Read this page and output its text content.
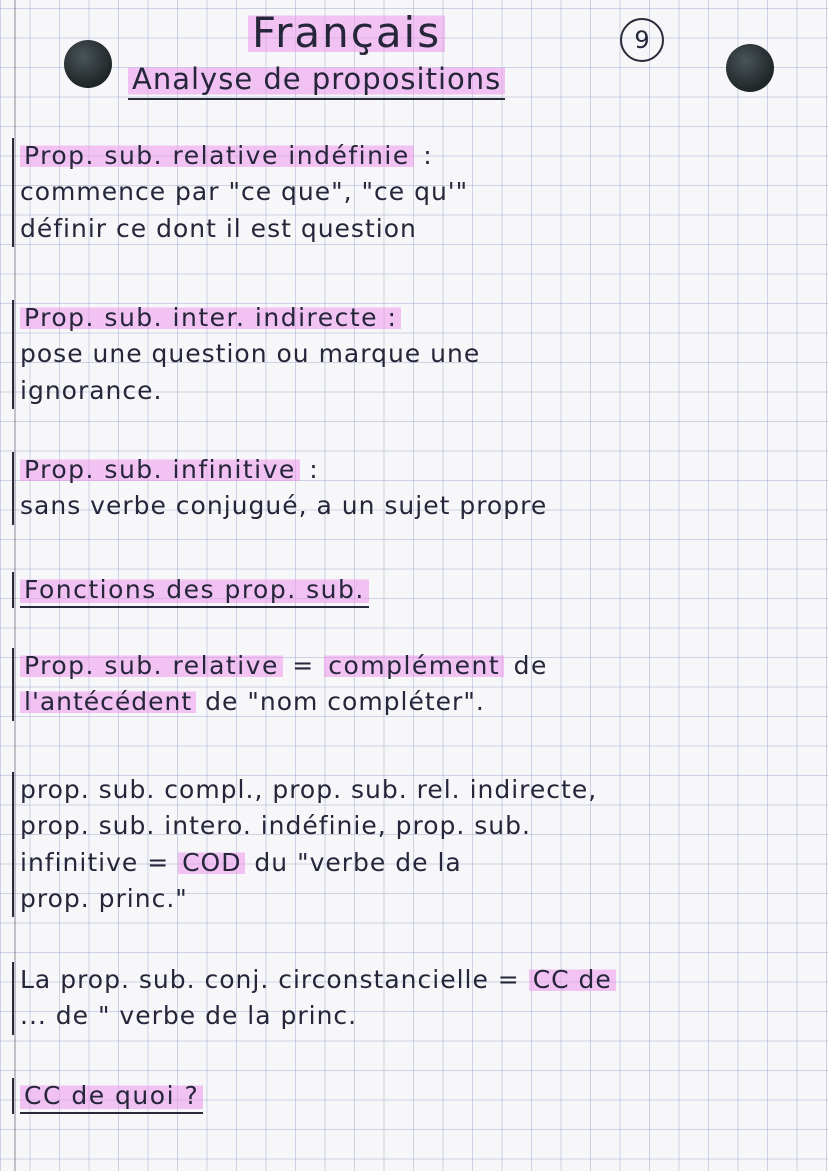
Français	9
Analyse de propositions
Prop. sub. relative indéfinie :
commence par "ce que", "ce qu'"
définir ce dont il est question
Prop. sub. inter. indirecte :
pose une question ou marque une
ignorance.
Prop. sub. infinitive :
sans verbe conjugué, a un sujet propre
Fonctions des prop. sub.
Prop. sub. relative = complément de
l'antécédent de "nom compléter".
prop. sub. compl., prop. sub. rel. indirecte,
prop. sub. intero. indéfinie, prop. sub.
infinitive = COD du "verbe de la
prop. princ."
La prop. sub. conj. circonstancielle = CC de
... de " verbe de la princ.
CC de quoi ?
